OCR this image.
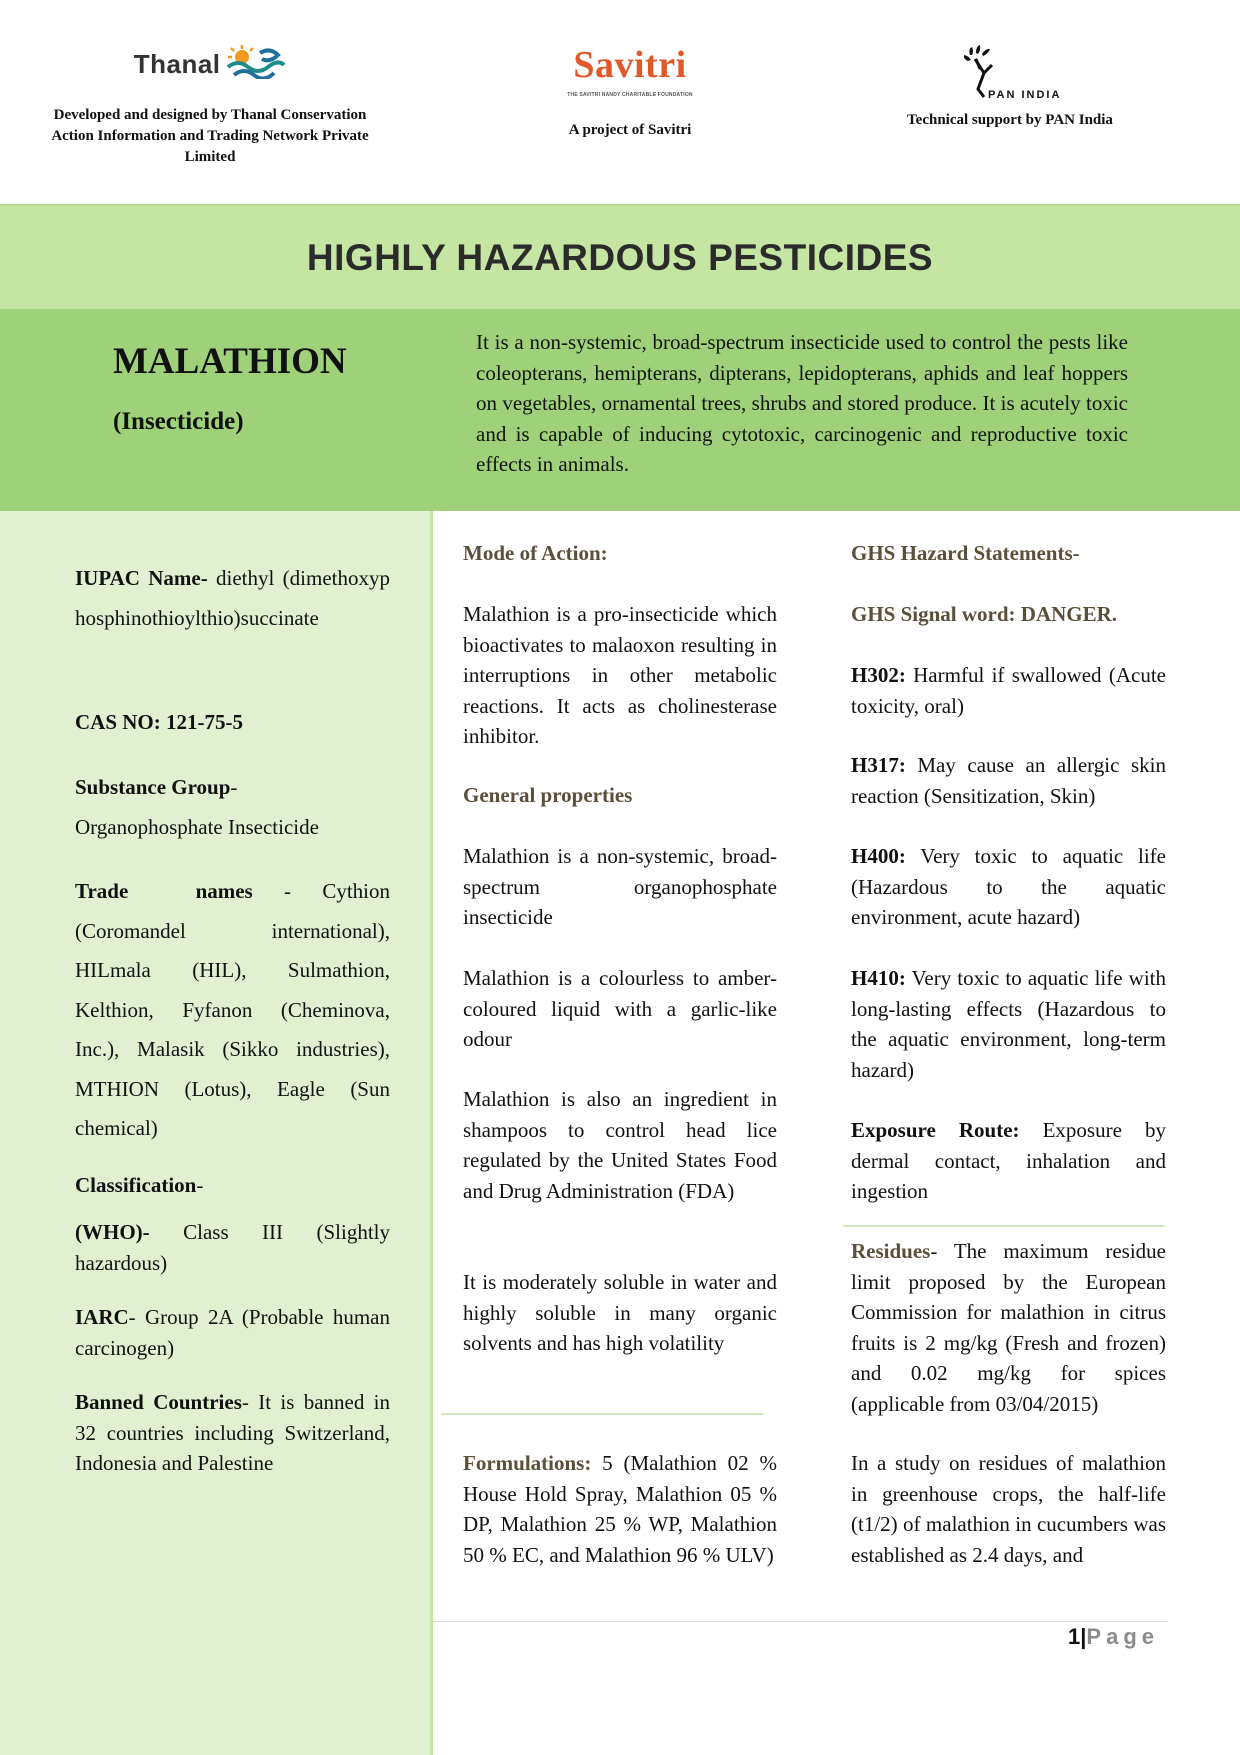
Thanal
Developed and designed by Thanal Conservation Action Information and Trading Network Private Limited
Savitri
THE SAVITRI NANDY CHARITABLE FOUNDATION
A project of Savitri
PAN INDIA
Technical support by PAN India
HIGHLY HAZARDOUS PESTICIDES
MALATHION
(Insecticide)
It is a non-systemic, broad-spectrum insecticide used to control the pests like coleopterans, hemipterans, dipterans, lepidopterans, aphids and leaf hoppers on vegetables, ornamental trees, shrubs and stored produce. It is acutely toxic and is capable of inducing cytotoxic, carcinogenic and reproductive toxic effects in animals.
IUPAC Name- diethyl (dimethoxyphosphinothioylthio)succinate
CAS NO: 121-75-5
Substance Group-
Organophosphate Insecticide
Trade names - Cythion (Coromandel international), HILmala (HIL), Sulmathion, Kelthion, Fyfanon (Cheminova, Inc.), Malasik (Sikko industries), MTHION (Lotus), Eagle (Sun chemical)
Classification-
(WHO)- Class III (Slightly hazardous)
IARC- Group 2A (Probable human carcinogen)
Banned Countries- It is banned in 32 countries including Switzerland, Indonesia and Palestine
Mode of Action:
Malathion is a pro-insecticide which bioactivates to malaoxon resulting in interruptions in other metabolic reactions. It acts as cholinesterase inhibitor.
General properties
Malathion is a non-systemic, broad-spectrum organophosphate insecticide
Malathion is a colourless to amber-coloured liquid with a garlic-like odour
Malathion is also an ingredient in shampoos to control head lice regulated by the United States Food and Drug Administration (FDA)
It is moderately soluble in water and highly soluble in many organic solvents and has high volatility
Formulations: 5 (Malathion 02 % House Hold Spray, Malathion 05 % DP, Malathion 25 % WP, Malathion 50 % EC, and Malathion 96 % ULV)
GHS Hazard Statements-
GHS Signal word: DANGER.
H302: Harmful if swallowed (Acute toxicity, oral)
H317: May cause an allergic skin reaction (Sensitization, Skin)
H400: Very toxic to aquatic life (Hazardous to the aquatic environment, acute hazard)
H410: Very toxic to aquatic life with long-lasting effects (Hazardous to the aquatic environment, long-term hazard)
Exposure Route: Exposure by dermal contact, inhalation and ingestion
Residues- The maximum residue limit proposed by the European Commission for malathion in citrus fruits is 2 mg/kg (Fresh and frozen) and 0.02 mg/kg for spices (applicable from 03/04/2015)
In a study on residues of malathion in greenhouse crops, the half-life (t1/2) of malathion in cucumbers was established as 2.4 days, and
1|Page
